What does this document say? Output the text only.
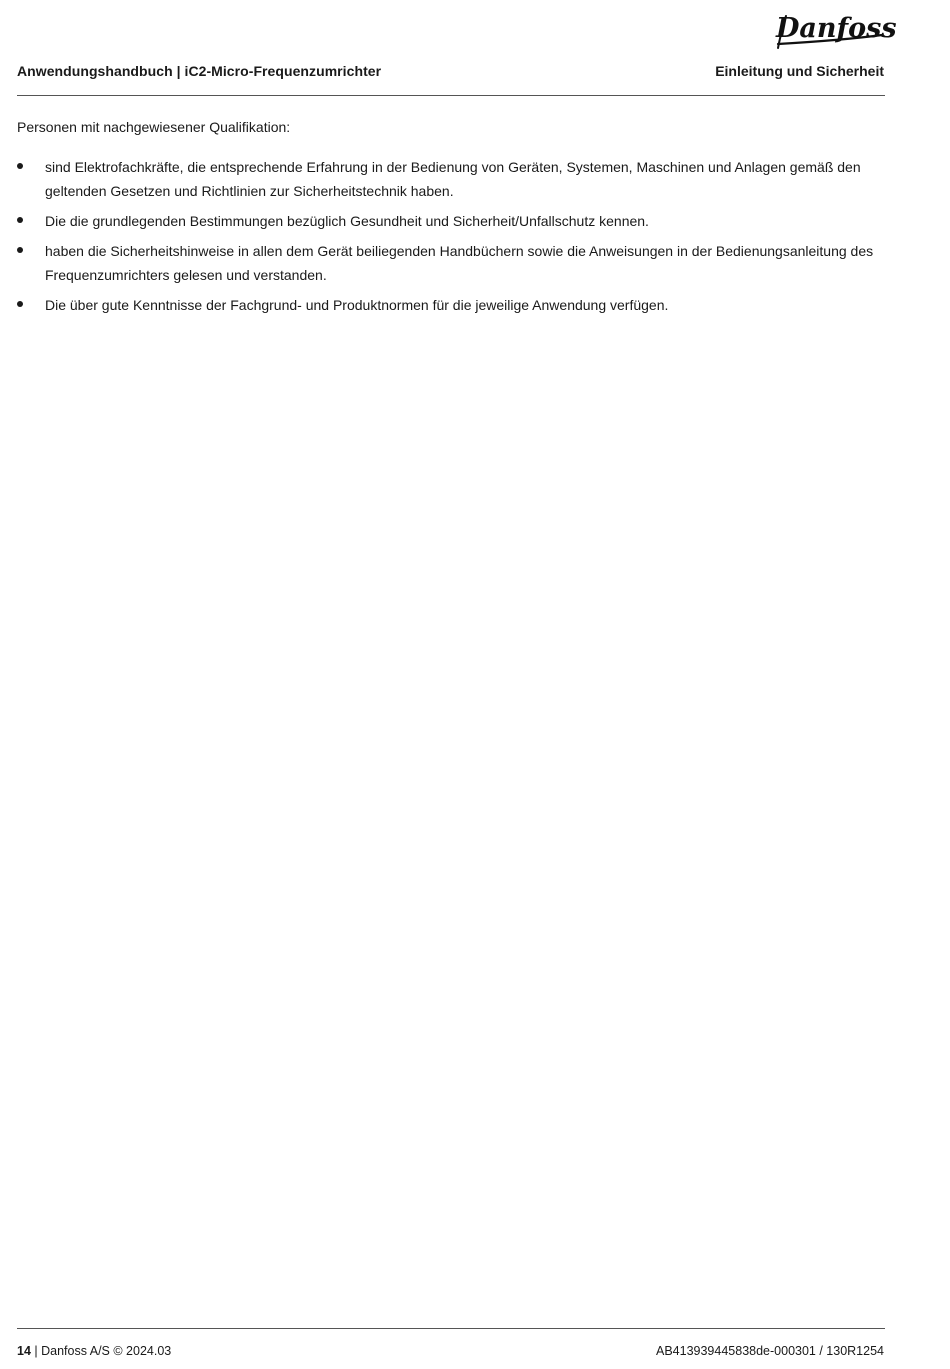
Danfoss
Anwendungshandbuch | iC2-Micro-Frequenzumrichter	Einleitung und Sicherheit
Personen mit nachgewiesener Qualifikation:
sind Elektrofachkräfte, die entsprechende Erfahrung in der Bedienung von Geräten, Systemen, Maschinen und Anlagen gemäß den geltenden Gesetzen und Richtlinien zur Sicherheitstechnik haben.
Die die grundlegenden Bestimmungen bezüglich Gesundheit und Sicherheit/Unfallschutz kennen.
haben die Sicherheitshinweise in allen dem Gerät beiliegenden Handbüchern sowie die Anweisungen in der Bedienungsanleitung des Frequenzumrichters gelesen und verstanden.
Die über gute Kenntnisse der Fachgrund- und Produktnormen für die jeweilige Anwendung verfügen.
14 | Danfoss A/S © 2024.03	AB413939445838de-000301 / 130R1254
